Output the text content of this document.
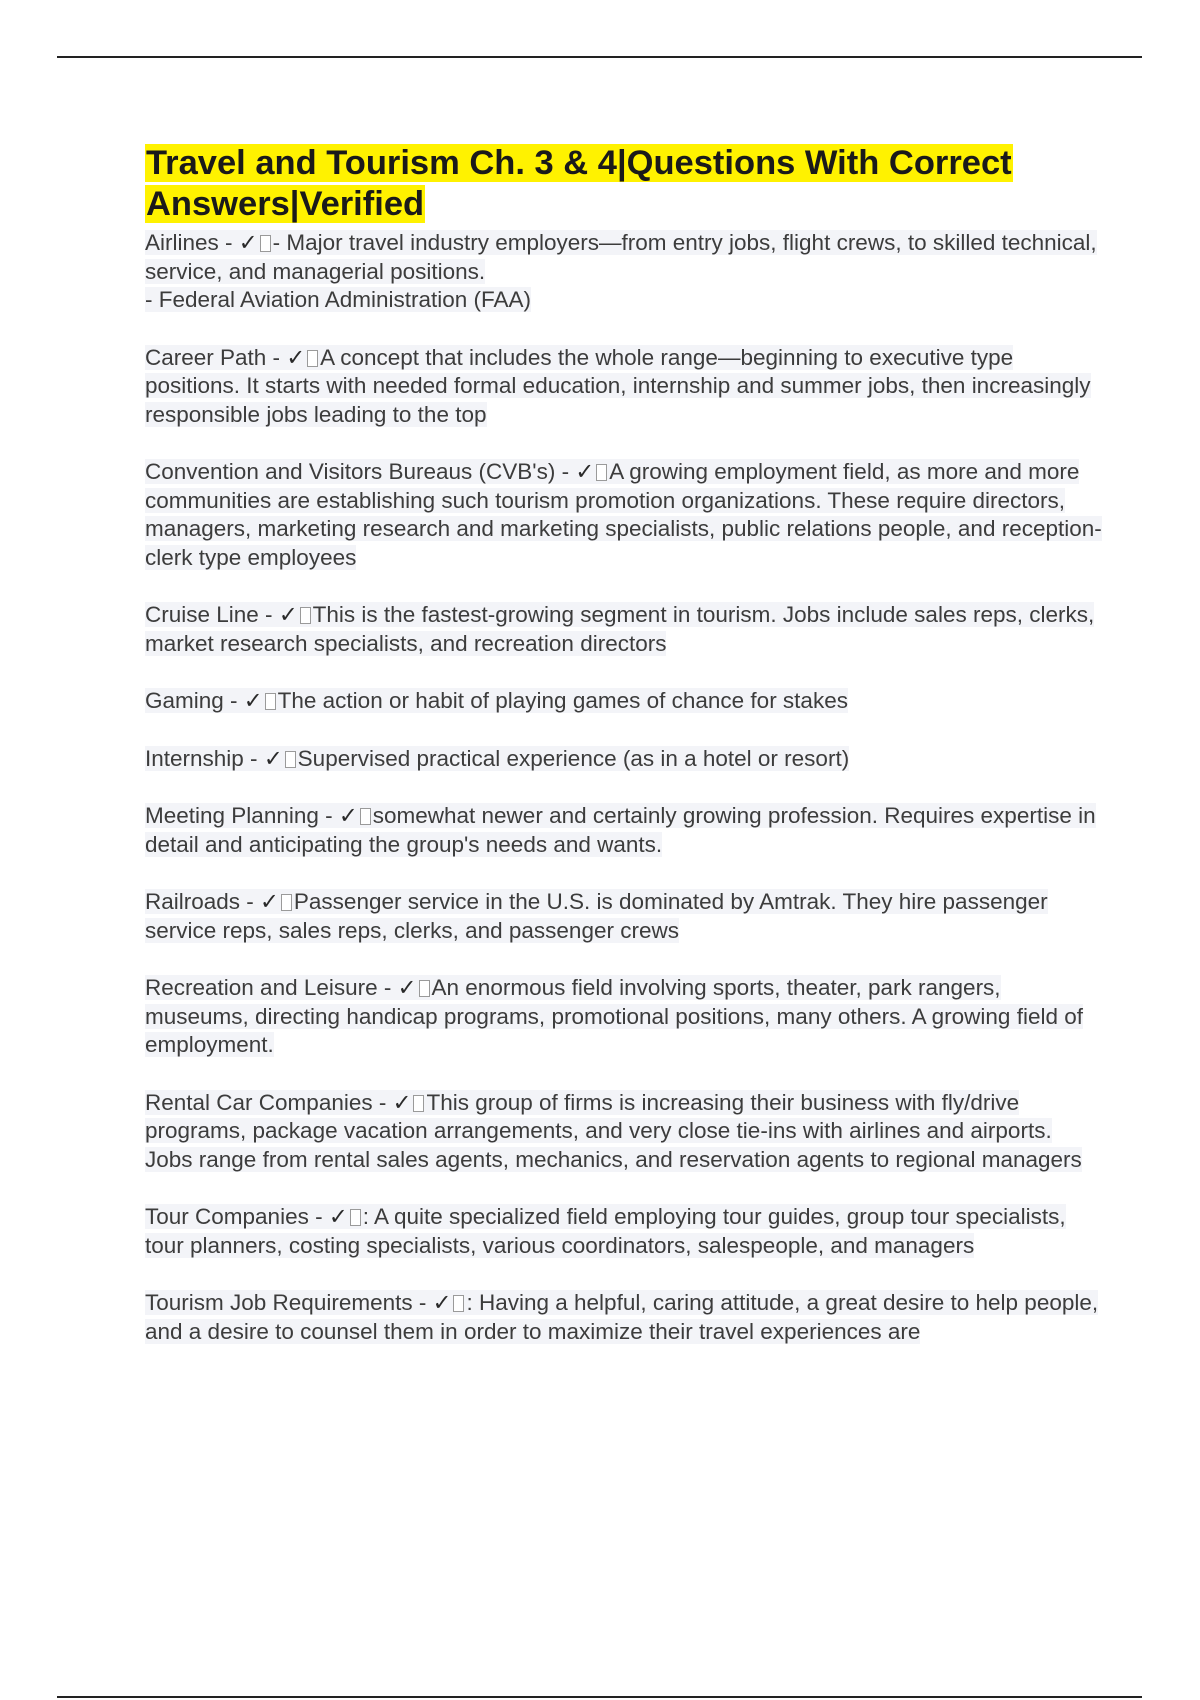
Travel and Tourism Ch. 3 & 4|Questions With Correct Answers|Verified

Airlines - ✓ - Major travel industry employers—from entry jobs, flight crews, to skilled technical, service, and managerial positions.
- Federal Aviation Administration (FAA)

Career Path - ✓ A concept that includes the whole range—beginning to executive type positions. It starts with needed formal education, internship and summer jobs, then increasingly responsible jobs leading to the top

Convention and Visitors Bureaus (CVB's) - ✓ A growing employment field, as more and more communities are establishing such tourism promotion organizations. These require directors, managers, marketing research and marketing specialists, public relations people, and reception-clerk type employees

Cruise Line - ✓ This is the fastest-growing segment in tourism. Jobs include sales reps, clerks, market research specialists, and recreation directors

Gaming - ✓ The action or habit of playing games of chance for stakes

Internship - ✓ Supervised practical experience (as in a hotel or resort)

Meeting Planning - ✓ somewhat newer and certainly growing profession. Requires expertise in detail and anticipating the group's needs and wants.

Railroads - ✓ Passenger service in the U.S. is dominated by Amtrak. They hire passenger service reps, sales reps, clerks, and passenger crews

Recreation and Leisure - ✓ An enormous field involving sports, theater, park rangers, museums, directing handicap programs, promotional positions, many others. A growing field of employment.

Rental Car Companies - ✓ This group of firms is increasing their business with fly/drive programs, package vacation arrangements, and very close tie-ins with airlines and airports. Jobs range from rental sales agents, mechanics, and reservation agents to regional managers

Tour Companies - ✓ : A quite specialized field employing tour guides, group tour specialists, tour planners, costing specialists, various coordinators, salespeople, and managers

Tourism Job Requirements - ✓ : Having a helpful, caring attitude, a great desire to help people, and a desire to counsel them in order to maximize their travel experiences are
